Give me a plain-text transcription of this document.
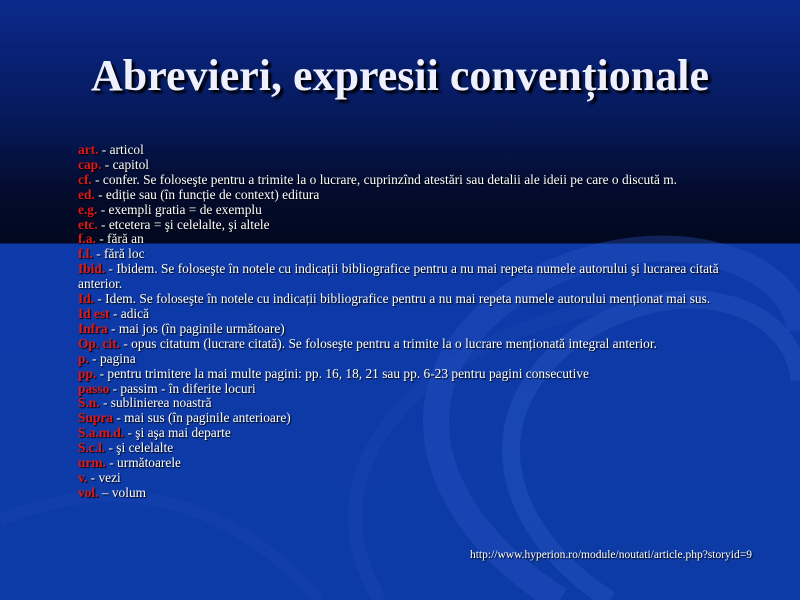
Abrevieri, expresii convenționale
art. - articol
cap. - capitol
cf. - confer. Se foloseşte pentru a trimite la o lucrare, cuprinzînd atestări sau detalii ale ideii pe care o discută m.
ed. - ediție sau (în funcție de context) editura
e.g. - exempli gratia = de exemplu
etc. - etcetera = şi celelalte, şi altele
f.a. - fără an
f.l. - fără loc
Ibid. - Ibidem. Se foloseşte în notele cu indicații bibliografice pentru a nu mai repeta numele autorului şi lucrarea citată anterior.
Id. - Idem. Se foloseşte în notele cu indicații bibliografice pentru a nu mai repeta numele autorului menționat mai sus.
Id est - adică
Infra - mai jos (în paginile următoare)
Op. cit. - opus citatum (lucrare citată). Se foloseşte pentru a trimite la o lucrare menționată integral anterior.
p. - pagina
pp. - pentru trimitere la mai multe pagini: pp. 16, 18, 21 sau pp. 6-23 pentru pagini consecutive
passo - passim - în diferite locuri
S.n. - sublinierea noastră
Supra - mai sus (în paginile anterioare)
S.a.m.d. - şi aşa mai departe
S.c.l. - şi celelalte
urm. - următoarele
v. - vezi
vol. – volum
http://www.hyperion.ro/module/noutati/article.php?storyid=9
